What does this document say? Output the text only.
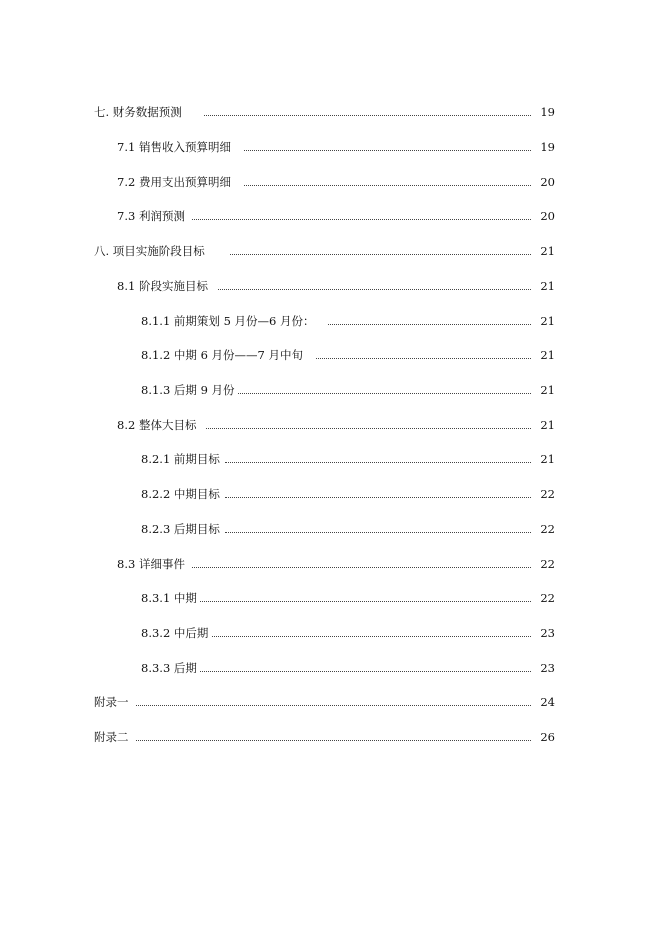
七. 财务数据预测	19
7.1 销售收入预算明细	19
7.2 费用支出预算明细	20
7.3 利润预测	20
八. 项目实施阶段目标	21
8.1 阶段实施目标	21
8.1.1 前期策划 5 月份—6 月份：	21
8.1.2 中期 6 月份——7 月中旬	21
8.1.3 后期 9 月份	21
8.2 整体大目标	21
8.2.1 前期目标	21
8.2.2 中期目标	22
8.2.3 后期目标	22
8.3 详细事件	22
8.3.1 中期	22
8.3.2 中后期	23
8.3.3 后期	23
附录一	24
附录二	26
